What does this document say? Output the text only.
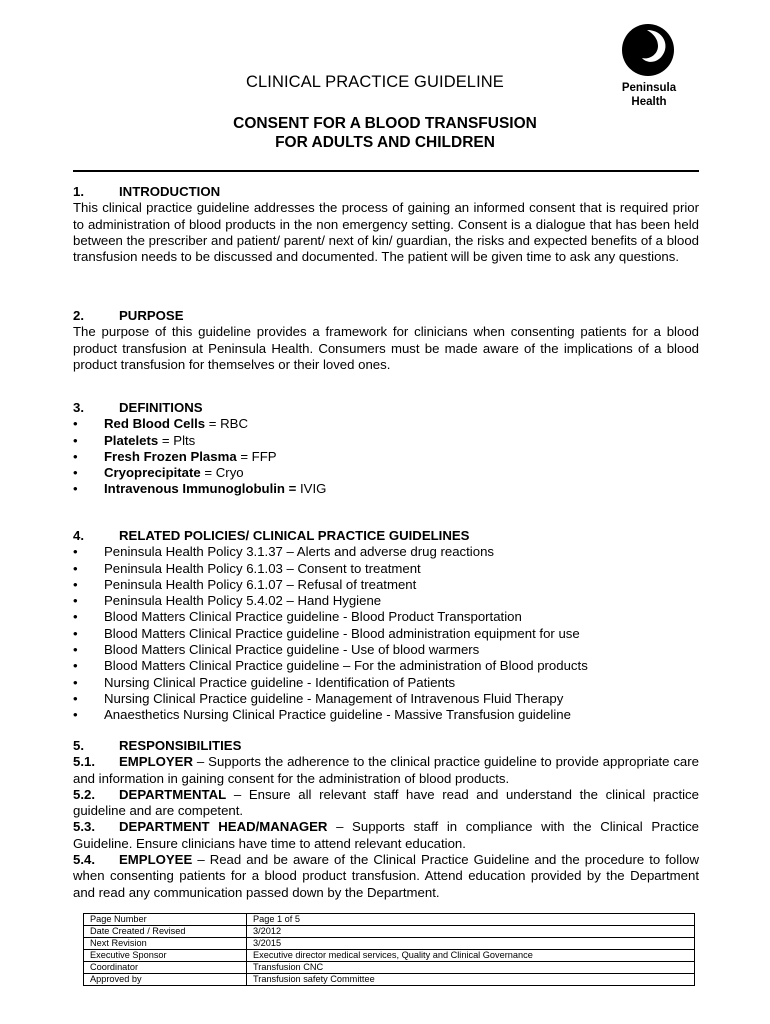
Peninsula
Health
CLINICAL PRACTICE GUIDELINE
CONSENT FOR A BLOOD TRANSFUSION
FOR ADULTS AND CHILDREN
1.	INTRODUCTION
This clinical practice guideline addresses the process of gaining an informed consent that is required prior to administration of blood products in the non emergency setting. Consent is a dialogue that has been held between the prescriber and patient/ parent/ next of kin/ guardian, the risks and expected benefits of a blood transfusion needs to be discussed and documented. The patient will be given time to ask any questions.
2.	PURPOSE
The purpose of this guideline provides a framework for clinicians when consenting patients for a blood product transfusion at Peninsula Health. Consumers must be made aware of the implications of a blood product transfusion for themselves or their loved ones.
3.	DEFINITIONS
• Red Blood Cells = RBC
• Platelets = Plts
• Fresh Frozen Plasma = FFP
• Cryoprecipitate = Cryo
• Intravenous Immunoglobulin = IVIG
4.	RELATED POLICIES/ CLINICAL PRACTICE GUIDELINES
• Peninsula Health Policy 3.1.37 – Alerts and adverse drug reactions
• Peninsula Health Policy 6.1.03 – Consent to treatment
• Peninsula Health Policy 6.1.07 – Refusal of treatment
• Peninsula Health Policy 5.4.02 – Hand Hygiene
• Blood Matters Clinical Practice guideline - Blood Product Transportation
• Blood Matters Clinical Practice guideline - Blood administration equipment for use
• Blood Matters Clinical Practice guideline - Use of blood warmers
• Blood Matters Clinical Practice guideline – For the administration of Blood products
• Nursing Clinical Practice guideline - Identification of Patients
• Nursing Clinical Practice guideline - Management of Intravenous Fluid Therapy
• Anaesthetics Nursing Clinical Practice guideline - Massive Transfusion guideline
5.	RESPONSIBILITIES
5.1. EMPLOYER – Supports the adherence to the clinical practice guideline to provide appropriate care and information in gaining consent for the administration of blood products.
5.2. DEPARTMENTAL – Ensure all relevant staff have read and understand the clinical practice guideline and are competent.
5.3. DEPARTMENT HEAD/MANAGER – Supports staff in compliance with the Clinical Practice Guideline. Ensure clinicians have time to attend relevant education.
5.4. EMPLOYEE – Read and be aware of the Clinical Practice Guideline and the procedure to follow when consenting patients for a blood product transfusion. Attend education provided by the Department and read any communication passed down by the Department.
Page Number	Page 1 of 5
Date Created / Revised	3/2012
Next Revision	3/2015
Executive Sponsor	Executive director medical services, Quality and Clinical Governance
Coordinator	Transfusion CNC
Approved by	Transfusion safety Committee
